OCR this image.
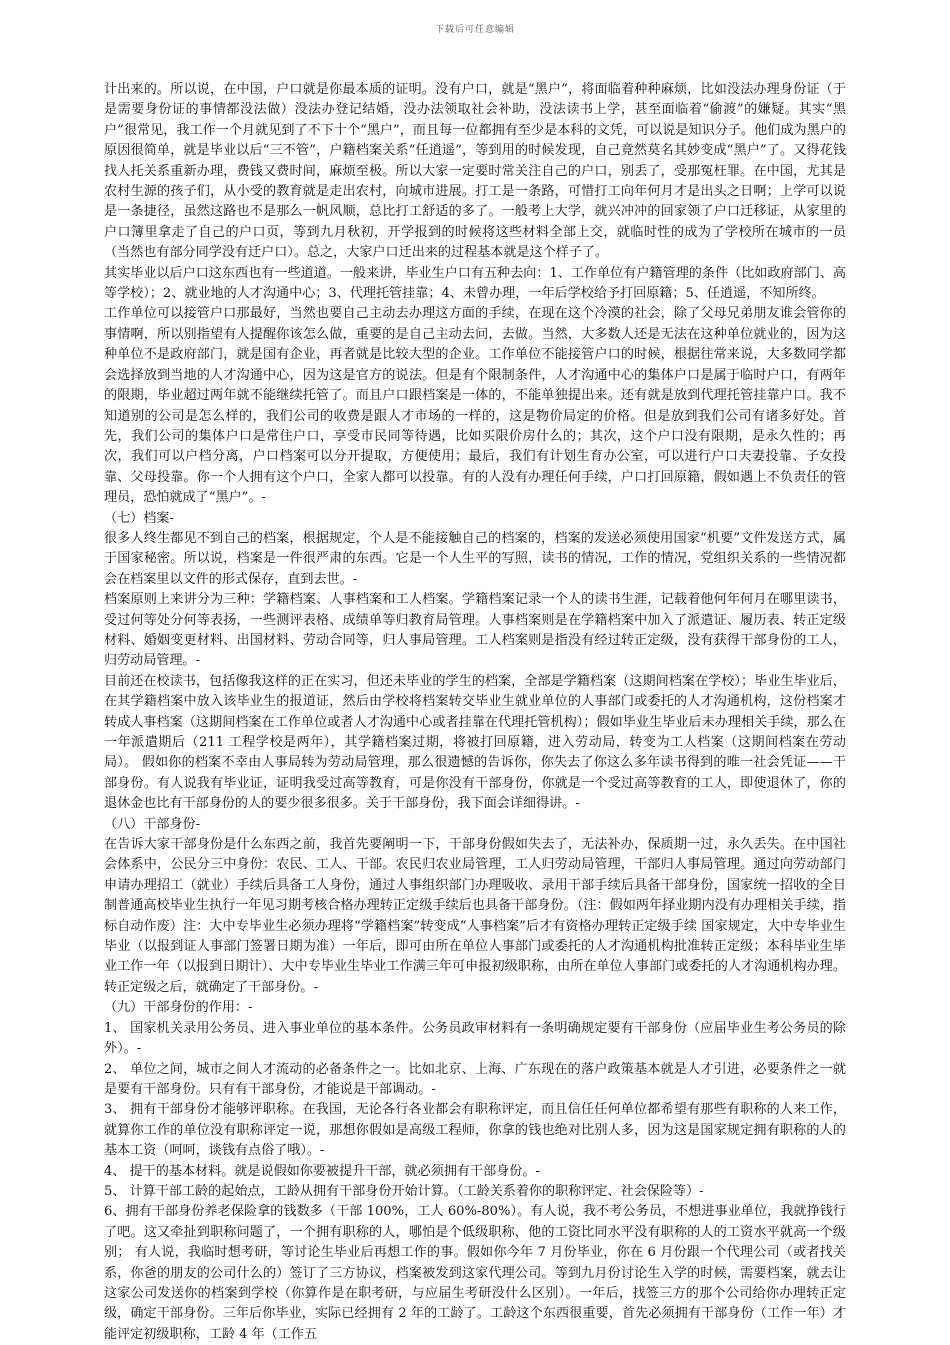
下载后可任意编辑

计出来的。所以说，在中国，户口就是你最本质的证明。没有户口，就是“黑户”，将面临着种种麻烦，比如没法办理身份证（于是需要身份证的事情都没法做）没法办登记结婚，没办法领取社会补助，没法读书上学，甚至面临着“偷渡”的嫌疑。其实“黑户”很常见，我工作一个月就见到了不下十个“黑户”，而且每一位都拥有至少是本科的文凭，可以说是知识分子。他们成为黑户的原因很简单，就是毕业以后“三不管”，户籍档案关系“任逍遥”，等到用的时候发现，自己竟然莫名其妙变成“黑户”了。又得花钱找人托关系重新办理，费钱又费时间，麻烦至极。所以大家一定要时常关注自己的户口，别丢了，受那冤枉罪。在中国，尤其是农村生源的孩子们，从小受的教育就是走出农村，向城市进展。打工是一条路，可惜打工向年何月才是出头之日啊；上学可以说是一条捷径，虽然这路也不是那么一帆风顺，总比打工舒适的多了。一般考上大学，就兴冲冲的回家领了户口迁移证，从家里的户口簿里拿走了自己的户口页，等到九月秋初，开学报到的时候将这些材料全部上交，就临时性的成为了学校所在城市的一员（当然也有部分同学没有迁户口）。总之，大家户口迁出来的过程基本就是这个样子了。

其实毕业以后户口这东西也有一些道道。一般来讲，毕业生户口有五种去向：1、工作单位有户籍管理的条件（比如政府部门、高等学校）；2、就业地的人才沟通中心；3、代理托管挂靠；4、未曾办理，一年后学校给予打回原籍；5、任逍遥，不知所终。

工作单位可以接管户口那最好，当然也要自己主动去办理这方面的手续，在现在这个冷漠的社会，除了父母兄弟朋友谁会管你的事情啊，所以别指望有人提醒你该怎么做，重要的是自己主动去问，去做。当然，大多数人还是无法在这种单位就业的，因为这种单位不是政府部门，就是国有企业，再者就是比较大型的企业。工作单位不能接管户口的时候，根据往常来说，大多数同学都会选择放到当地的人才沟通中心，因为这是官方的说法。但是有个限制条件，人才沟通中心的集体户口是属于临时户口，有两年的限期，毕业超过两年就不能继续托管了。而且户口跟档案是一体的，不能单独提出来。还有就是放到代理托管挂靠户口。我不知道别的公司是怎么样的，我们公司的收费是跟人才市场的一样的，这是物价局定的价格。但是放到我们公司有诸多好处。首先，我们公司的集体户口是常住户口，享受市民同等待遇，比如买限价房什么的；其次，这个户口没有限期，是永久性的；再次，我们可以户档分离，户口档案可以分开提取，方便使用；最后，我们有计划生育办公室，可以进行户口夫妻投靠、子女投靠、父母投靠。你一个人拥有这个户口，全家人都可以投靠。有的人没有办理任何手续，户口打回原籍，假如遇上不负责任的管理员，恐怕就成了“黑户”。-

（七）档案-

很多人终生都见不到自己的档案，根据规定，个人是不能接触自己的档案的，档案的发送必须使用国家“机要”文件发送方式，属于国家秘密。所以说，档案是一件很严肃的东西。它是一个人生平的写照，读书的情况，工作的情况，党组织关系的一些情况都会在档案里以文件的形式保存，直到去世。-

档案原则上来讲分为三种：学籍档案、人事档案和工人档案。学籍档案记录一个人的读书生涯，记载着他何年何月在哪里读书，受过何等处分何等表扬，一些测评表格、成绩单等归教育局管理。人事档案则是在学籍档案中加入了派遣证、履历表、转正定级材料、婚姻变更材料、出国材料、劳动合同等，归人事局管理。工人档案则是指没有经过转正定级，没有获得干部身份的工人，归劳动局管理。-

目前还在校读书，包括像我这样的正在实习，但还未毕业的学生的档案，全部是学籍档案（这期间档案在学校）；毕业生毕业后，在其学籍档案中放入该毕业生的报道证，然后由学校将档案转交毕业生就业单位的人事部门或委托的人才沟通机构，这份档案才转成人事档案（这期间档案在工作单位或者人才沟通中心或者挂靠在代理托管机构）；假如毕业生毕业后未办理相关手续，那么在一年派遣期后（211 工程学校是两年），其学籍档案过期，将被打回原籍，进入劳动局，转变为工人档案（这期间档案在劳动局）。 假如你的档案不幸由人事局转为劳动局管理，那么很遗憾的告诉你，你失去了你这么多年读书得到的唯一社会凭证——干部身份。有人说我有毕业证，证明我受过高等教育，可是你没有干部身份，你就是一个受过高等教育的工人，即使退休了，你的退休金也比有干部身份的人的要少很多很多。关于干部身份，我下面会详细得讲。-

（八）干部身份-

在告诉大家干部身份是什么东西之前，我首先要阐明一下，干部身份假如失去了，无法补办，保质期一过，永久丢失。在中国社会体系中，公民分三中身份：农民、工人、干部。农民归农业局管理，工人归劳动局管理，干部归人事局管理。通过向劳动部门申请办理招工（就业）手续后具备工人身份，通过人事组织部门办理吸收、录用干部手续后具备干部身份，国家统一招收的全日制普通高校毕业生执行一年见习期考核合格办理转正定级手续后也具备干部身份。（注：假如两年择业期内没有办理相关手续，指标自动作废）注：大中专毕业生必须办理将“学籍档案”转变成“人事档案”后才有资格办理转正定级手续 国家规定，大中专毕业生毕业（以报到证人事部门签署日期为准）一年后，即可由所在单位人事部门或委托的人才沟通机构批准转正定级；本科毕业生毕业工作一年（以报到日期计）、大中专毕业生毕业工作满三年可申报初级职称，由所在单位人事部门或委托的人才沟通机构办理。转正定级之后，就确定了干部身份。-

（九）干部身份的作用：-

1、 国家机关录用公务员、进入事业单位的基本条件。公务员政审材料有一条明确规定要有干部身份（应届毕业生考公务员的除外）。-

2、 单位之间，城市之间人才流动的必备条件之一。比如北京、上海、广东现在的落户政策基本就是人才引进，必要条件之一就是要有干部身份。只有有干部身份，才能说是干部调动。-

3、 拥有干部身份才能够评职称。在我国，无论各行各业都会有职称评定，而且信任任何单位都希望有那些有职称的人来工作，就算你工作的单位没有职称评定一说，那想你假如是高级工程师，你拿的钱也绝对比别人多，因为这是国家规定拥有职称的人的基本工资（呵呵，谈钱有点俗了哦）。-

4、 提干的基本材料。就是说假如你要被提升干部，就必须拥有干部身份。-

5、 计算干部工龄的起始点，工龄从拥有干部身份开始计算。（工龄关系着你的职称评定、社会保险等）-

6、拥有干部身份养老保险拿的钱数多（干部 100%，工人 60%-80%）。有人说，我不考公务员，不想进事业单位，我就挣钱行了吧。这又牵扯到职称问题了，一个拥有职称的人，哪怕是个低级职称，他的工资比同水平没有职称的人的工资水平就高一个级别； 有人说，我临时想考研，等讨论生毕业后再想工作的事。假如你今年 7 月份毕业，你在 6 月份跟一个代理公司（或者找关系，你爸的朋友的公司什么的）签订了三方协议，档案被发到这家代理公司。等到九月份讨论生入学的时候，需要档案，就去让这家公司发送你的档案到学校（你算作是在职考研，与应届生考研没什么区别）。一年后，找签三方的那个公司给你办理转正定级，确定干部身份。三年后你毕业，实际已经拥有 2 年的工龄了。工龄这个东西很重要，首先必须拥有干部身份（工作一年）才能评定初级职称，工龄 4 年（工作五
